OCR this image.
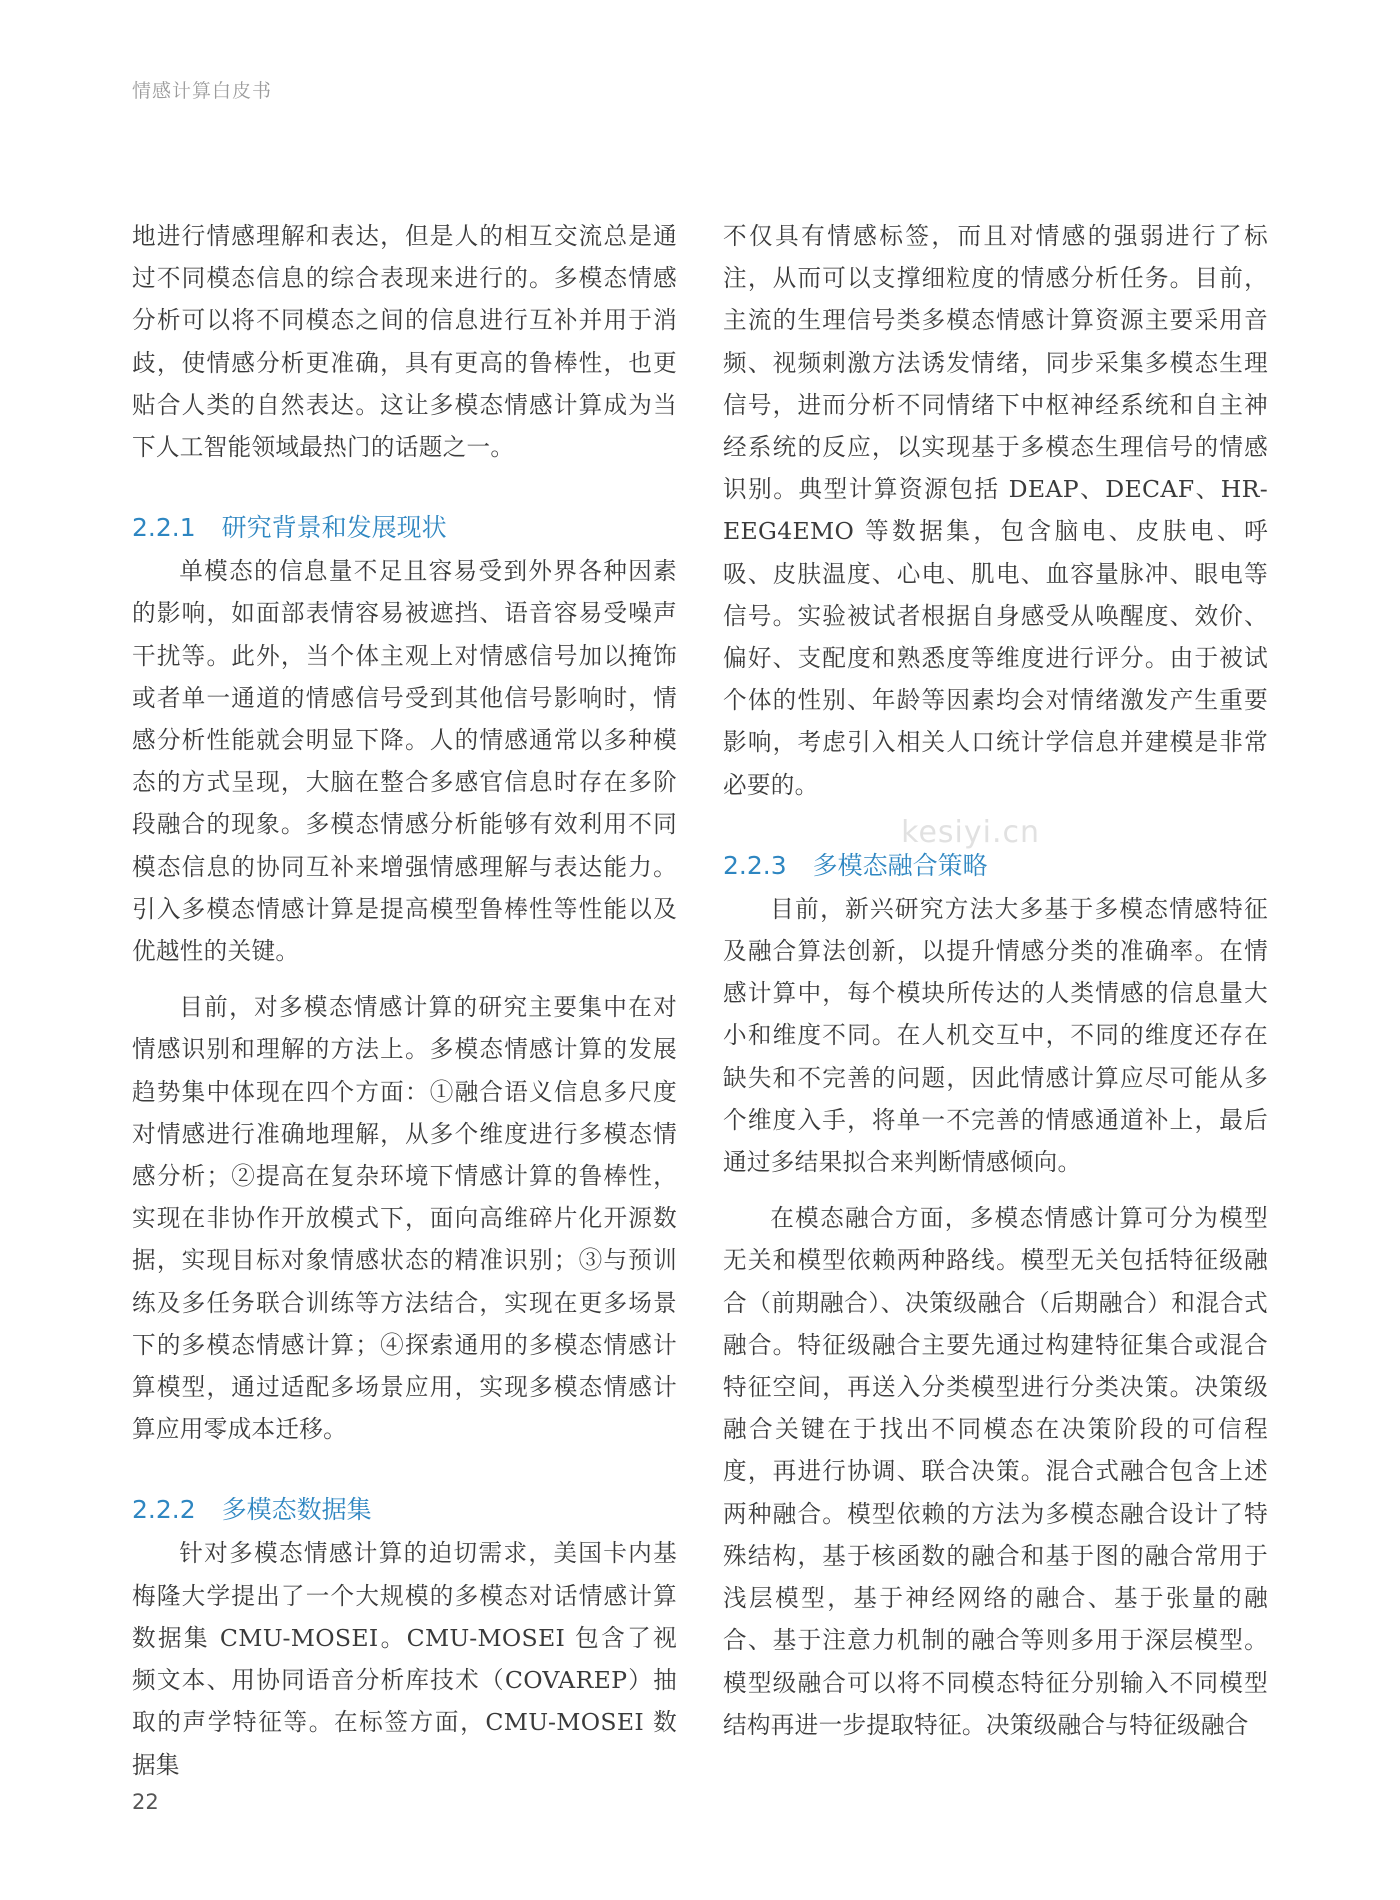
情感计算白皮书

地进行情感理解和表达，但是人的相互交流总是通过不同模态信息的综合表现来进行的。多模态情感分析可以将不同模态之间的信息进行互补并用于消歧，使情感分析更准确，具有更高的鲁棒性，也更贴合人类的自然表达。这让多模态情感计算成为当下人工智能领域最热门的话题之一。

2.2.1 研究背景和发展现状

单模态的信息量不足且容易受到外界各种因素的影响，如面部表情容易被遮挡、语音容易受噪声干扰等。此外，当个体主观上对情感信号加以掩饰或者单一通道的情感信号受到其他信号影响时，情感分析性能就会明显下降。人的情感通常以多种模态的方式呈现，大脑在整合多感官信息时存在多阶段融合的现象。多模态情感分析能够有效利用不同模态信息的协同互补来增强情感理解与表达能力。引入多模态情感计算是提高模型鲁棒性等性能以及优越性的关键。

目前，对多模态情感计算的研究主要集中在对情感识别和理解的方法上。多模态情感计算的发展趋势集中体现在四个方面：①融合语义信息多尺度对情感进行准确地理解，从多个维度进行多模态情感分析；②提高在复杂环境下情感计算的鲁棒性，实现在非协作开放模式下，面向高维碎片化开源数据，实现目标对象情感状态的精准识别；③与预训练及多任务联合训练等方法结合，实现在更多场景下的多模态情感计算；④探索通用的多模态情感计算模型，通过适配多场景应用，实现多模态情感计算应用零成本迁移。

2.2.2 多模态数据集

针对多模态情感计算的迫切需求，美国卡内基梅隆大学提出了一个大规模的多模态对话情感计算数据集 CMU-MOSEI。CMU-MOSEI 包含了视频文本、用协同语音分析库技术（COVAREP）抽取的声学特征等。在标签方面，CMU-MOSEI 数据集

不仅具有情感标签，而且对情感的强弱进行了标注，从而可以支撑细粒度的情感分析任务。目前，主流的生理信号类多模态情感计算资源主要采用音频、视频刺激方法诱发情绪，同步采集多模态生理信号，进而分析不同情绪下中枢神经系统和自主神经系统的反应，以实现基于多模态生理信号的情感识别。典型计算资源包括 DEAP、DECAF、HR-EEG4EMO 等数据集，包含脑电、皮肤电、呼吸、皮肤温度、心电、肌电、血容量脉冲、眼电等信号。实验被试者根据自身感受从唤醒度、效价、偏好、支配度和熟悉度等维度进行评分。由于被试个体的性别、年龄等因素均会对情绪激发产生重要影响，考虑引入相关人口统计学信息并建模是非常必要的。

2.2.3 多模态融合策略

目前，新兴研究方法大多基于多模态情感特征及融合算法创新，以提升情感分类的准确率。在情感计算中，每个模块所传达的人类情感的信息量大小和维度不同。在人机交互中，不同的维度还存在缺失和不完善的问题，因此情感计算应尽可能从多个维度入手，将单一不完善的情感通道补上，最后通过多结果拟合来判断情感倾向。

在模态融合方面，多模态情感计算可分为模型无关和模型依赖两种路线。模型无关包括特征级融合（前期融合）、决策级融合（后期融合）和混合式融合。特征级融合主要先通过构建特征集合或混合特征空间，再送入分类模型进行分类决策。决策级融合关键在于找出不同模态在决策阶段的可信程度，再进行协调、联合决策。混合式融合包含上述两种融合。模型依赖的方法为多模态融合设计了特殊结构，基于核函数的融合和基于图的融合常用于浅层模型，基于神经网络的融合、基于张量的融合、基于注意力机制的融合等则多用于深层模型。模型级融合可以将不同模态特征分别输入不同模型结构再进一步提取特征。决策级融合与特征级融合

kesiyi.cn
22
